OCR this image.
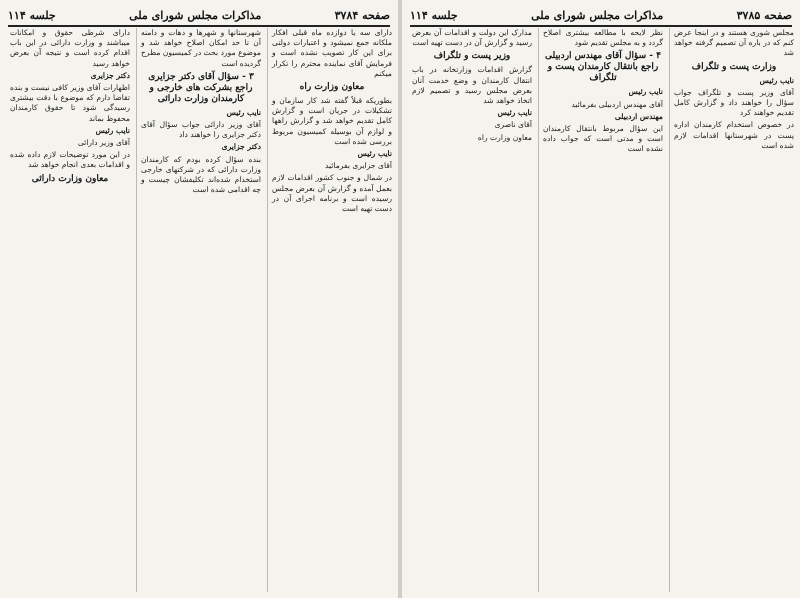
صفحه ۳۷۸۴
مذاکرات مجلس شورای ملی
جلسه ۱۱۴
دارای سه یا دوازده ماه قبلی افکار ملکانه جمع نمیشود و اعتبارات دولتی برای این کار تصویب نشده است و فرمایش آقای نماینده محترم را تکرار میکنم
معاون وزارت راه
بطوریکه قبلاً گفته شد کار سازمان و تشکیلات در جریان است و گزارش کامل تقدیم خواهد شد و گزارش راهها و لوازم آن بوسیله کمیسیون مربوط بررسی شده است
نایب رئیس
آقای جزایری بفرمائید
در شمال و جنوب کشور اقدامات لازم بعمل آمده و گزارش آن بعرض مجلس رسیده است و برنامه اجرای آن در دست تهیه است
شهرستانها و شهرها و دهات و دامنه آن تا حد امکان اصلاح خواهد شد و موضوع مورد بحث در کمیسیون مطرح گردیده است
۳ - سؤال آقای دکتر جزایری راجع بشرکت های خارجی و کارمندان وزارت دارائی
نایب رئیس
آقای وزیر دارائی جواب سؤال آقای دکتر جزایری را خواهند داد
دکتر جزایری
بنده سؤال کرده بودم که کارمندان وزارت دارائی که در شرکتهای خارجی استخدام شده‌اند تکلیفشان چیست و چه اقدامی شده است
دارای شرطی حقوق و امکانات میباشند و وزارت دارائی در این باب اقدام کرده است و نتیجه آن بعرض خواهد رسید
دکتر جزایری
اظهارات آقای وزیر کافی نیست و بنده تقاضا دارم که موضوع با دقت بیشتری رسیدگی شود تا حقوق کارمندان محفوظ بماند
نایب رئیس
آقای وزیر دارائی
در این مورد توضیحات لازم داده شده و اقدامات بعدی انجام خواهد شد
معاون وزارت دارائی
صفحه ۳۷۸۵
مذاکرات مجلس شورای ملی
جلسه ۱۱۴
مجلس شوری هستند و در اینجا عرض کنم که در باره آن تصمیم گرفته خواهد شد
وزارت پست و تلگراف
نایب رئیس
آقای وزیر پست و تلگراف جواب سؤال را خواهند داد و گزارش کامل تقدیم خواهند کرد
در خصوص استخدام کارمندان اداره پست در شهرستانها اقدامات لازم شده است
نظر لایحه با مطالعه بیشتری اصلاح گردد و به مجلس تقدیم شود
۴ - سؤال آقای مهندس اردبیلی راجع بانتقال کارمندان پست و تلگراف
نایب رئیس
آقای مهندس اردبیلی بفرمائید
مهندس اردبیلی
این سؤال مربوط بانتقال کارمندان است و مدتی است که جواب داده نشده است
مدارک این دولت و اقدامات آن بعرض رسید و گزارش آن در دست تهیه است
وزیر پست و تلگراف
گزارش اقدامات وزارتخانه در باب انتقال کارمندان و وضع خدمت آنان بعرض مجلس رسید و تصمیم لازم اتخاذ خواهد شد
نایب رئیس
آقای ناصری
معاون وزارت راه
